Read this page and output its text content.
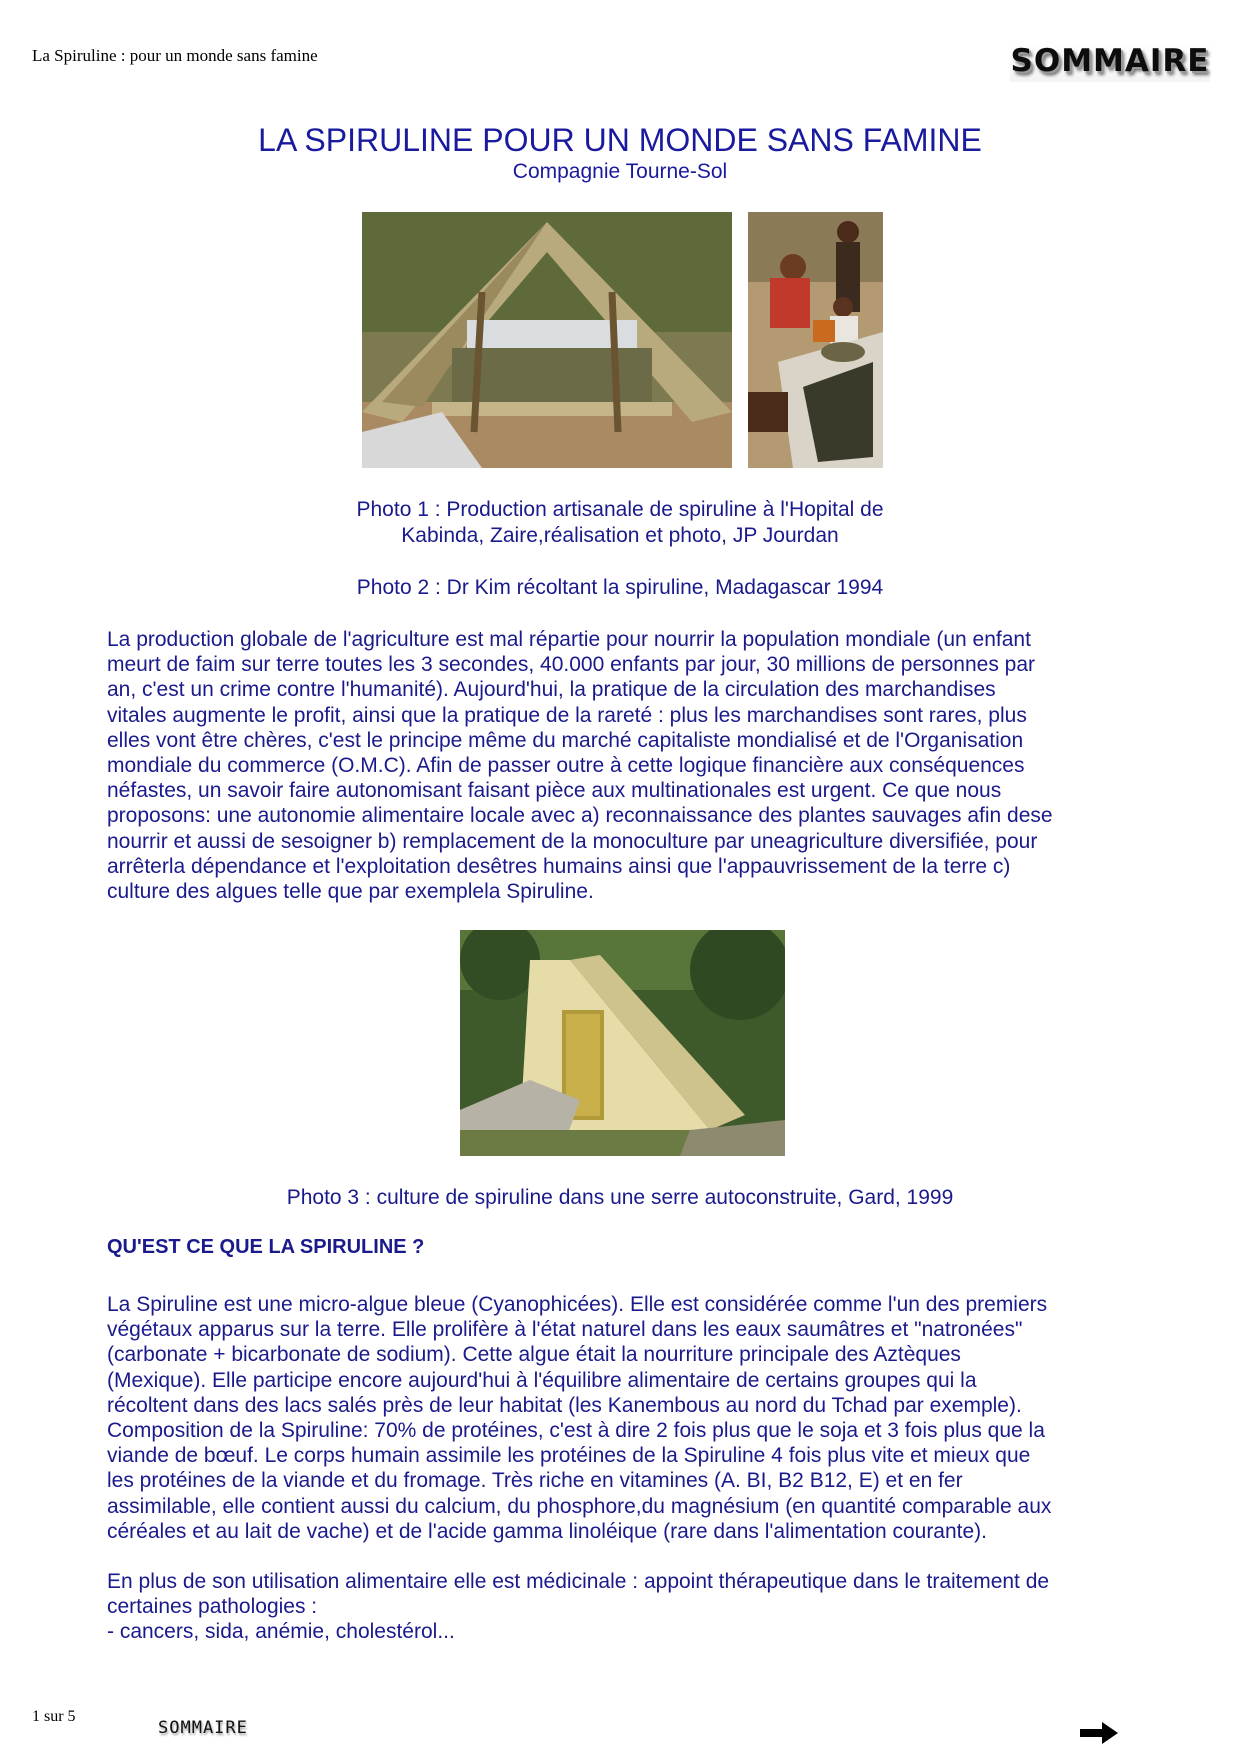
La Spiruline : pour un monde sans famine	SOMMAIRE
LA SPIRULINE POUR UN MONDE SANS FAMINE
Compagnie Tourne-Sol
Photo 1 : Production artisanale de spiruline à l'Hopital de
Kabinda, Zaire,réalisation et photo, JP Jourdan
Photo 2 : Dr Kim récoltant la spiruline, Madagascar 1994
La production globale de l'agriculture est mal répartie pour nourrir la population mondiale (un enfant
meurt de faim sur terre toutes les 3 secondes, 40.000 enfants par jour, 30 millions de personnes par
an, c'est un crime contre l'humanité). Aujourd'hui, la pratique de la circulation des marchandises
vitales augmente le profit, ainsi que la pratique de la rareté : plus les marchandises sont rares, plus
elles vont être chères, c'est le principe même du marché capitaliste mondialisé et de l'Organisation
mondiale du commerce (O.M.C). Afin de passer outre à cette logique financière aux conséquences
néfastes, un savoir faire autonomisant faisant pièce aux multinationales est urgent. Ce que nous
proposons: une autonomie alimentaire locale avec a) reconnaissance des plantes sauvages afin dese
nourrir et aussi de sesoigner b) remplacement de la monoculture par uneagriculture diversifiée, pour
arrêterla dépendance et l'exploitation desêtres humains ainsi que l'appauvrissement de la terre c)
culture des algues telle que par exemplela Spiruline.
Photo 3 : culture de spiruline dans une serre autoconstruite, Gard, 1999
QU'EST CE QUE LA SPIRULINE ?
La Spiruline est une micro-algue bleue (Cyanophicées). Elle est considérée comme l'un des premiers
végétaux apparus sur la terre. Elle prolifère à l'état naturel dans les eaux saumâtres et "natronées"
(carbonate + bicarbonate de sodium). Cette algue était la nourriture principale des Aztèques
(Mexique). Elle participe encore aujourd'hui à l'équilibre alimentaire de certains groupes qui la
récoltent dans des lacs salés près de leur habitat (les Kanembous au nord du Tchad par exemple).
Composition de la Spiruline: 70% de protéines, c'est à dire 2 fois plus que le soja et 3 fois plus que la
viande de bœuf. Le corps humain assimile les protéines de la Spiruline 4 fois plus vite et mieux que
les protéines de la viande et du fromage. Très riche en vitamines (A. BI, B2 B12, E) et en fer
assimilable, elle contient aussi du calcium, du phosphore,du magnésium (en quantité comparable aux
céréales et au lait de vache) et de l'acide gamma linoléique (rare dans l'alimentation courante).
En plus de son utilisation alimentaire elle est médicinale : appoint thérapeutique dans le traitement de
certaines pathologies :
- cancers, sida, anémie, cholestérol...
1 sur 5
SOMMAIRE
